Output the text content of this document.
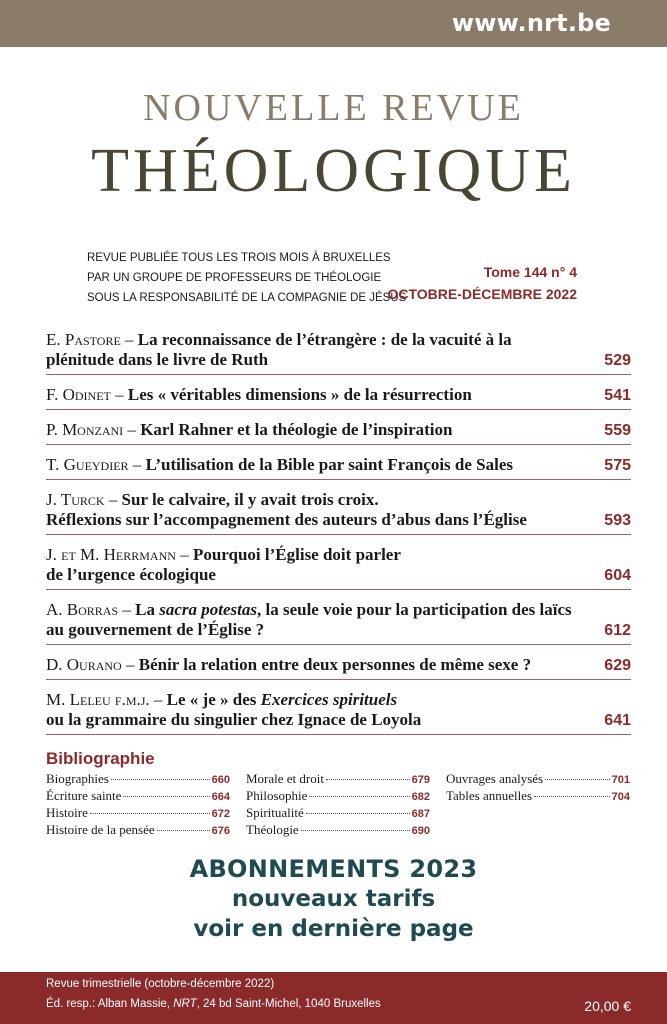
www.nrt.be
NOUVELLE REVUE
THÉOLOGIQUE
REVUE PUBLIÉE TOUS LES TROIS MOIS À BRUXELLES
PAR UN GROUPE DE PROFESSEURS DE THÉOLOGIE
SOUS LA RESPONSABILITÉ DE LA COMPAGNIE DE JÉSUS
Tome 144 n° 4
OCTOBRE-DÉCEMBRE 2022
E. Pastore – La reconnaissance de l’étrangère : de la vacuité à la plénitude dans le livre de Ruth	529
F. Odinet – Les « véritables dimensions » de la résurrection	541
P. Monzani – Karl Rahner et la théologie de l’inspiration	559
T. Gueydier – L’utilisation de la Bible par saint François de Sales	575
J. Turck – Sur le calvaire, il y avait trois croix.
Réflexions sur l’accompagnement des auteurs d’abus dans l’Église	593
J. et M. Herrmann – Pourquoi l’Église doit parler
de l’urgence écologique	604
A. Borras – La sacra potestas, la seule voie pour la participation des laïcs au gouvernement de l’Église ?	612
D. Ourano – Bénir la relation entre deux personnes de même sexe ?	629
M. Leleu f.m.j. – Le « je » des Exercices spirituels
ou la grammaire du singulier chez Ignace de Loyola	641
Bibliographie
Biographies	660
Écriture sainte	664
Histoire	672
Histoire de la pensée	676
Morale et droit	679
Philosophie	682
Spiritualité	687
Théologie	690
Ouvrages analysés	701
Tables annuelles	704
ABONNEMENTS 2023
nouveaux tarifs
voir en dernière page
Revue trimestrielle (octobre-décembre 2022)
Éd. resp.: Alban Massie, NRT, 24 bd Saint-Michel, 1040 Bruxelles	20,00 €
